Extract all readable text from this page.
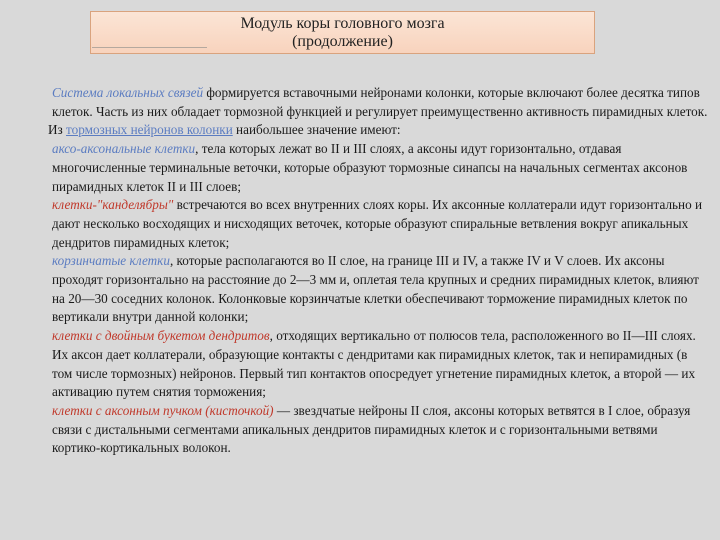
Модуль коры головного мозга
(продолжение)

Система локальных связей формируется вставочными нейронами колонки, которые включают более десятка типов клеток. Часть из них обладает тормозной функцией и регулирует преимущественно активность пирамидных клеток.

Из тормозных нейронов колонки наибольшее значение имеют:

аксо-аксональные клетки, тела которых лежат во II и III слоях, а аксоны идут горизонтально, отдавая многочисленные терминальные веточки, которые образуют тормозные синапсы на начальных сегментах аксонов пирамидных клеток II и III слоев;

клетки-"канделябры" встречаются во всех внутренних слоях коры. Их аксонные коллатерали идут горизонтально и дают несколько восходящих и нисходящих веточек, которые образуют спиральные ветвления вокруг апикальных дендритов пирамидных клеток;

корзинчатые клетки, которые располагаются во II слое, на границе III и IV, а также IV и V слоев. Их аксоны проходят горизонтально на расстояние до 2—3 мм и, оплетая тела крупных и средних пирамидных клеток, влияют на 20—30 соседних колонок. Колонковые корзинчатые клетки обеспечивают торможение пирамидных клеток по вертикали внутри данной колонки;

клетки с двойным букетом дендритов, отходящих вертикально от полюсов тела, расположенного во II—III слоях. Их аксон дает коллатерали, образующие контакты с дендритами как пирамидных клеток, так и непирамидных (в том числе тормозных) нейронов. Первый тип контактов опосредует угнетение пирамидных клеток, а второй — их активацию путем снятия торможения;

клетки с аксонным пучком (кисточкой) — звездчатые нейроны II слоя, аксоны которых ветвятся в I слое, образуя связи с дистальными сегментами апикальных дендритов пирамидных клеток и с горизонтальными ветвями кортико-кортикальных волокон.
